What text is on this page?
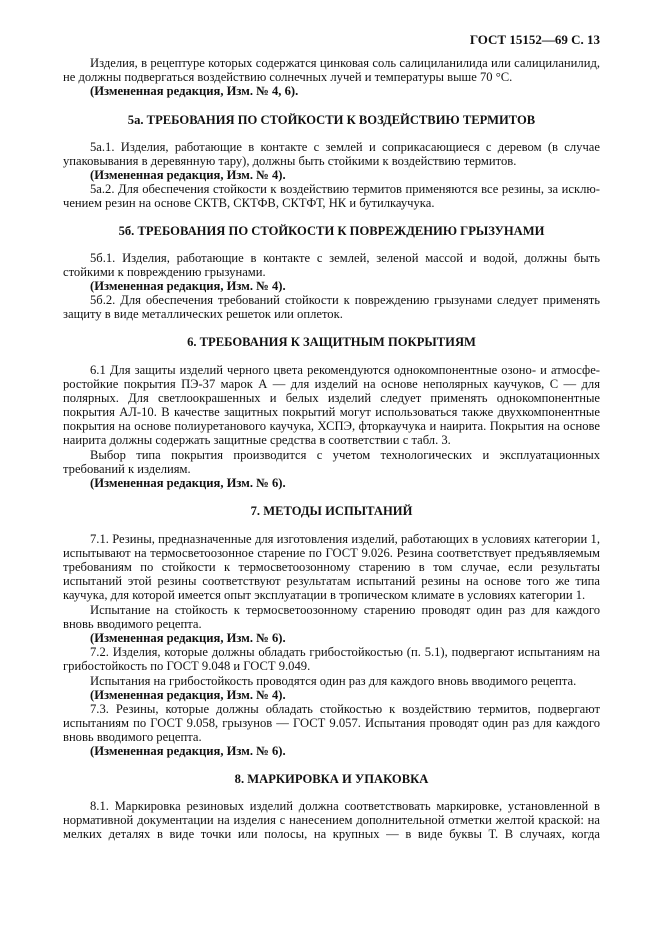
ГОСТ 15152—69 С. 13
Изделия, в рецептуре которых содержатся цинковая соль салициланилида или салициланилид, не должны подвергаться воздействию солнечных лучей и температуры выше 70 °С.
(Измененная редакция, Изм. № 4, 6).
5а. ТРЕБОВАНИЯ ПО СТОЙКОСТИ К ВОЗДЕЙСТВИЮ ТЕРМИТОВ
5а.1. Изделия, работающие в контакте с землей и соприкасающиеся с деревом (в случае упаковывания в деревянную тару), должны быть стойкими к воздействию термитов.
(Измененная редакция, Изм. № 4).
5а.2. Для обеспечения стойкости к воздействию термитов применяются все резины, за исключением резин на основе СКТВ, СКТФВ, СКТФТ, НК и бутилкаучука.
5б. ТРЕБОВАНИЯ ПО СТОЙКОСТИ К ПОВРЕЖДЕНИЮ ГРЫЗУНАМИ
5б.1. Изделия, работающие в контакте с землей, зеленой массой и водой, должны быть стойкими к повреждению грызунами.
(Измененная редакция, Изм. № 4).
5б.2. Для обеспечения требований стойкости к повреждению грызунами следует применять защиту в виде металлических решеток или оплеток.
6. ТРЕБОВАНИЯ К ЗАЩИТНЫМ ПОКРЫТИЯМ
6.1 Для защиты изделий черного цвета рекомендуются однокомпонентные озоно- и атмосферостойкие покрытия ПЭ-37 марок А — для изделий на основе неполярных каучуков, С — для полярных. Для светлоокрашенных и белых изделий следует применять однокомпонентные покрытия АЛ-10. В качестве защитных покрытий могут использоваться также двухкомпонентные покрытия на основе полиуретанового каучука, ХСПЭ, фторкаучука и наирита. Покрытия на основе наирита должны содержать защитные средства в соответствии с табл. 3.
Выбор типа покрытия производится с учетом технологических и эксплуатационных требований к изделиям.
(Измененная редакция, Изм. № 6).
7. МЕТОДЫ ИСПЫТАНИЙ
7.1. Резины, предназначенные для изготовления изделий, работающих в условиях категории 1, испытывают на термосветоозонное старение по ГОСТ 9.026. Резина соответствует предъявляемым требованиям по стойкости к термосветоозонному старению в том случае, если результаты испытаний этой резины соответствуют результатам испытаний резины на основе того же типа каучука, для которой имеется опыт эксплуатации в тропическом климате в условиях категории 1.
Испытание на стойкость к термосветоозонному старению проводят один раз для каждого вновь вводимого рецепта.
(Измененная редакция, Изм. № 6).
7.2. Изделия, которые должны обладать грибостойкостью (п. 5.1), подвергают испытаниям на грибостойкость по ГОСТ 9.048 и ГОСТ 9.049.
Испытания на грибостойкость проводятся один раз для каждого вновь вводимого рецепта.
(Измененная редакция, Изм. № 4).
7.3. Резины, которые должны обладать стойкостью к воздействию термитов, подвергают испытаниям по ГОСТ 9.058, грызунов — ГОСТ 9.057. Испытания проводят один раз для каждого вновь вводимого рецепта.
(Измененная редакция, Изм. № 6).
8. МАРКИРОВКА И УПАКОВКА
8.1. Маркировка резиновых изделий должна соответствовать маркировке, установленной в нормативной документации на изделия с нанесением дополнительной отметки желтой краской: на мелких деталях в виде точки или полосы, на крупных — в виде буквы Т. В случаях, когда
